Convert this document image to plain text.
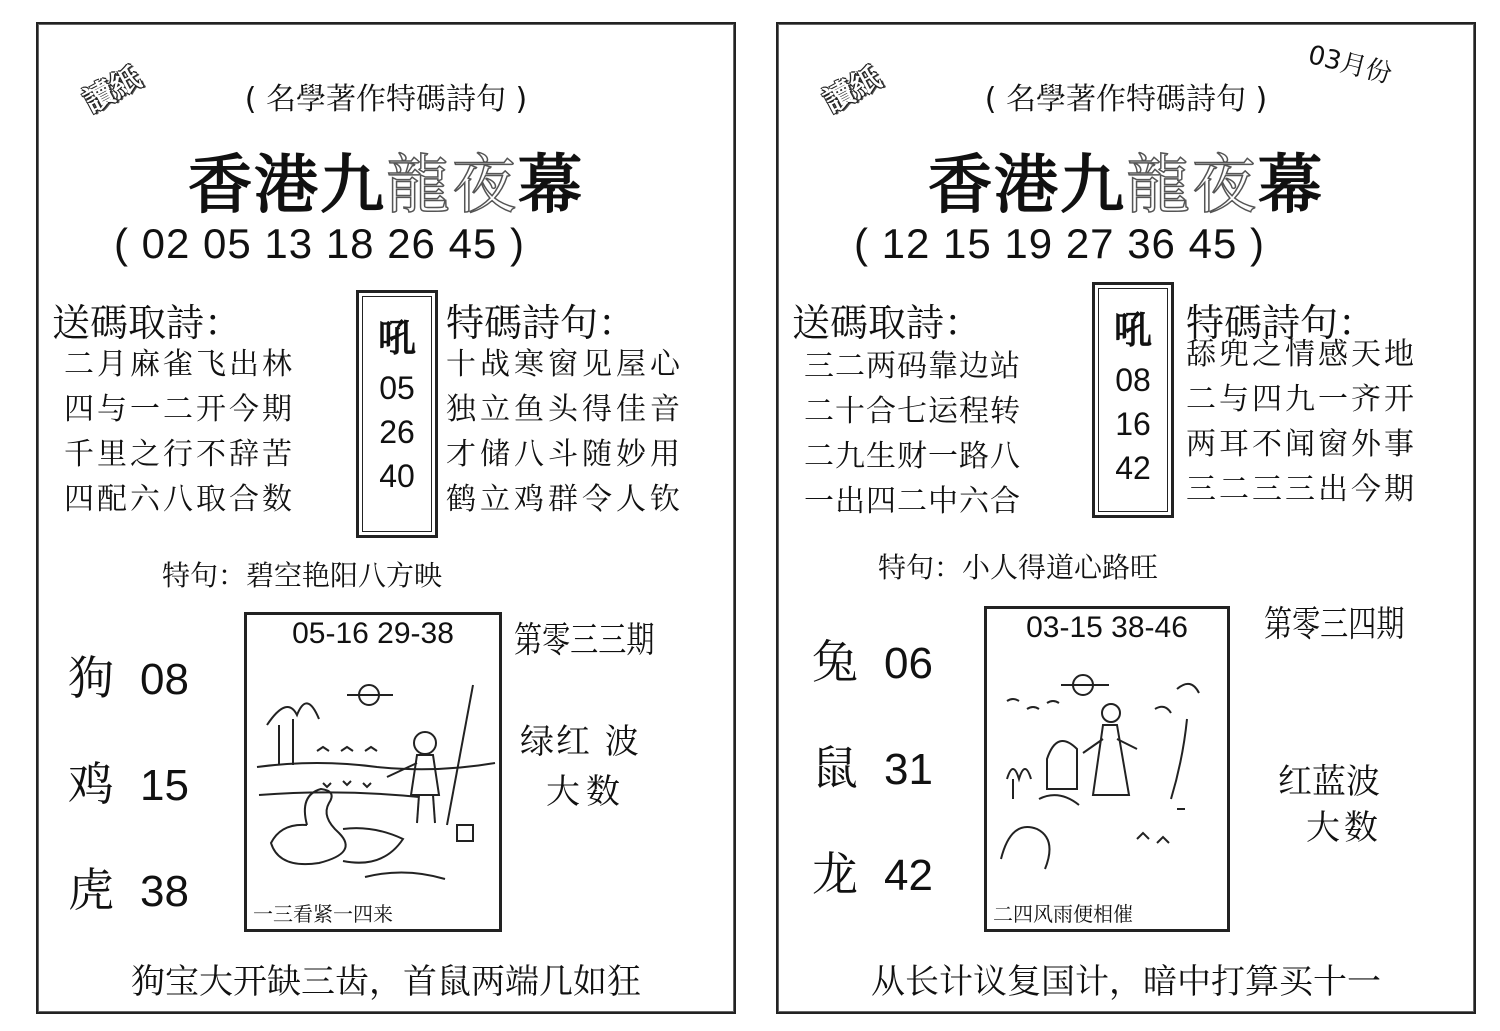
讀紙	( 名學著作特碼詩句 )
香港九龍夜幕
( 02 05 13 18 26 45 )
送碼取詩：
二月麻雀飞出林
四与一二开今期
千里之行不辞苦
四配六八取合数
吼
05
26
40
特碼詩句：
十战寒窗见屋心
独立鱼头得佳音
才储八斗随妙用
鹤立鸡群令人钦
特句：碧空艳阳八方映
狗 08
鸡 15
虎 38
05-16 29-38
一三看紧一四来
第零三三期
绿红 波
大数
狗宝大开缺三齿，首鼠两端几如狂
讀紙	03月份
( 名學著作特碼詩句 )
香港九龍夜幕
( 12 15 19 27 36 45 )
送碼取詩：
三二两码靠边站
二十合七运程转
二九生财一路八
一出四二中六合
吼
08
16
42
特碼詩句：
舔兜之情感天地
二与四九一齐开
两耳不闻窗外事
三二三三出今期
特句：小人得道心路旺
兔 06
鼠 31
龙 42
03-15 38-46
二四风雨便相催
第零三四期
红蓝波
大数
从长计议复国计，暗中打算买十一
